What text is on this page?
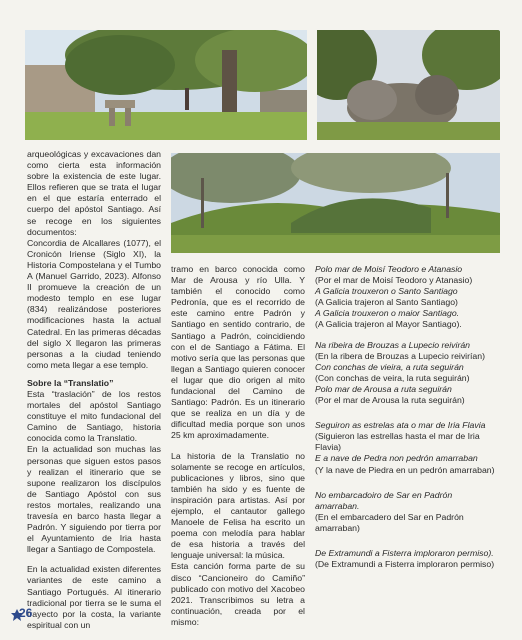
arqueológicas y excavaciones dan como cierta esta información sobre la existencia de este lugar. Ellos refieren que se trata el lugar en el que estaría enterrado el cuerpo del apóstol Santiago. Así se recoge en los siguientes documentos:

Concordia de Alcallares (1077), el Cronicón Iriense (Siglo XI), la Historia Compostelana y el Tumbo A (Manuel Garrido, 2023). Alfonso II promueve la creación de un modesto templo en ese lugar (834) realizándose posteriores modificaciones hasta la actual Catedral. En las primeras décadas del siglo X llegaron las primeras personas a la ciudad teniendo como meta llegar a ese templo.

Sobre la “Translatio”

Esta “traslación” de los restos mortales del apóstol Santiago constituye el mito fundacional del Camino de Santiago, historia conocida como la Translatio.

En la actualidad son muchas las personas que siguen estos pasos y realizan el itinerario que se supone realizaron los discípulos de Santiago Apóstol con sus restos mortales, realizando una travesía en barco hasta llegar a Padrón. Y siguiendo por tierra por el Ayuntamiento de Iria hasta llegar a Santiago de Compostela.

En la actualidad existen diferentes variantes de este camino a Santiago Portugués. Al itinerario tradicional por tierra se le suma el trayecto por la costa, la variante espiritual con un

tramo en barco conocida como Mar de Arousa y río Ulla. Y también el conocido como Pedronía, que es el recorrido de este camino entre Padrón y Santiago en sentido contrario, de Santiago a Padrón, coincidiendo con el de Santiago a Fátima. El motivo sería que las personas que llegan a Santiago quieren conocer el lugar que dio origen al mito fundacional del Camino de Santiago: Padrón. Es un itinerario que se realiza en un día y de dificultad media porque son unos 25 km aproximadamente.

La historia de la Translatio no solamente se recoge en artículos, publicaciones y libros, sino que también ha sido y es fuente de inspiración para artistas. Así por ejemplo, el cantautor gallego Manoele de Felisa ha escrito un poema con melodía para hablar de esa historia a través del lenguaje universal: la música.

Esta canción forma parte de su disco “Cancioneiro do Camiño” publicado con motivo del Xacobeo 2021. Transcribimos su letra a continuación, creada por el mismo:

Polo mar de Moisí Teodoro e Atanasio
(Por el mar de Moisí Teodoro y Atanasio)
A Galicia trouxeron o Santo Santiago
(A Galicia trajeron al Santo Santiago)
A Galicia trouxeron o maior Santiago.
(A Galicia trajeron al Mayor Santiago).
Na ribeira de Brouzas a Lupecio reivirán
(En la ribera de Brouzas a Lupecio reivirían)
Con conchas de vieira, a ruta seguirán
(Con conchas de veira, la ruta seguirán)
Polo mar de Arousa a ruta seguirán
(Por el mar de Arousa la ruta seguirán)
Seguiron as estrelas ata o mar de Iria Flavia
(Siguieron las estrellas hasta el mar de Iria Flavia)
E a nave de Pedra non pedrón amarraban
(Y la nave de Piedra en un pedrón amarraban)
No embarcadoiro de Sar en Padrón amarraban.
(En el embarcadero del Sar en Padrón amarraban)
De Extramundi a Fisterra imploraron permiso).
(De Extramundi a Fisterra imploraron permiso)
26
